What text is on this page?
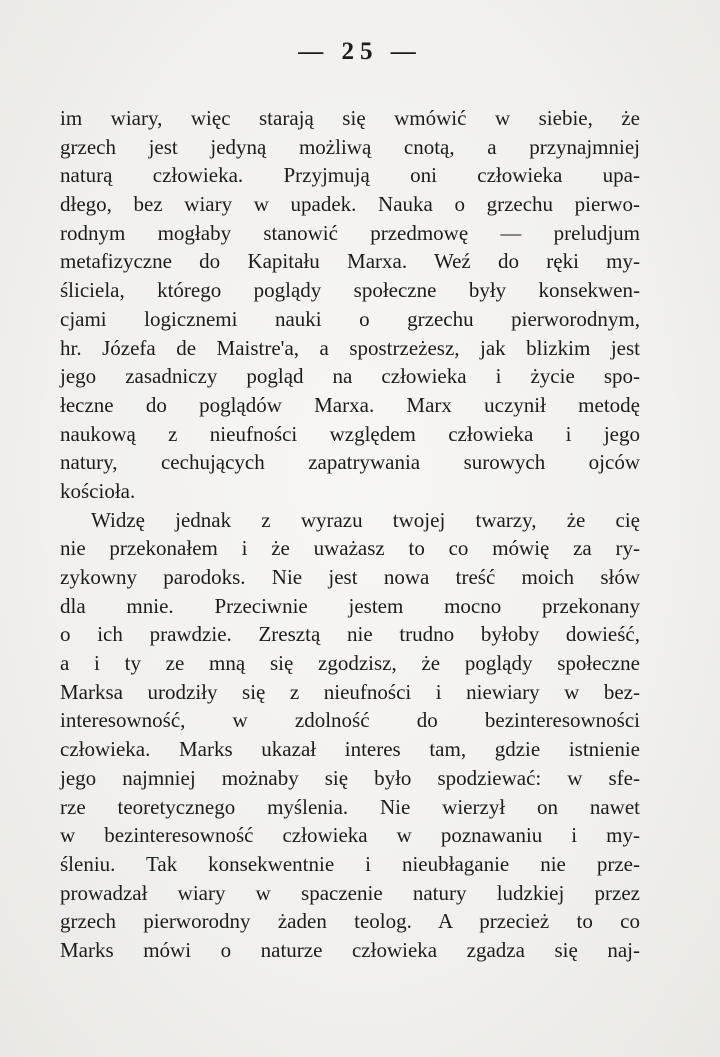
— 25 —
im wiary, więc starają się wmówić w siebie, że
grzech jest jedyną możliwą cnotą, a przynajmniej
naturą człowieka. Przyjmują oni człowieka upa-
dłego, bez wiary w upadek. Nauka o grzechu pierwo-
rodnym mogłaby stanowić przedmowę — preludjum
metafizyczne do Kapitału Marxa. Weź do ręki my-
śliciela, którego poglądy społeczne były konsekwen-
cjami logicznemi nauki o grzechu pierworodnym,
hr. Józefa de Maistre'a, a spostrzeżesz, jak blizkim jest
jego zasadniczy pogląd na człowieka i życie spo-
łeczne do poglądów Marxa. Marx uczynił metodę
naukową z nieufności względem człowieka i jego
natury, cechujących zapatrywania surowych ojców
kościoła.
Widzę jednak z wyrazu twojej twarzy, że cię
nie przekonałem i że uważasz to co mówię za ry-
zykowny parodoks. Nie jest nowa treść moich słów
dla mnie. Przeciwnie jestem mocno przekonany
o ich prawdzie. Zresztą nie trudno byłoby dowieść,
a i ty ze mną się zgodzisz, że poglądy społeczne
Marksa urodziły się z nieufności i niewiary w bez-
interesowność, w zdolność do bezinteresowności
człowieka. Marks ukazał interes tam, gdzie istnienie
jego najmniej możnaby się było spodziewać: w sfe-
rze teoretycznego myślenia. Nie wierzył on nawet
w bezinteresowność człowieka w poznawaniu i my-
śleniu. Tak konsekwentnie i nieubłaganie nie prze-
prowadzał wiary w spaczenie natury ludzkiej przez
grzech pierworodny żaden teolog. A przecież to co
Marks mówi o naturze człowieka zgadza się naj-
